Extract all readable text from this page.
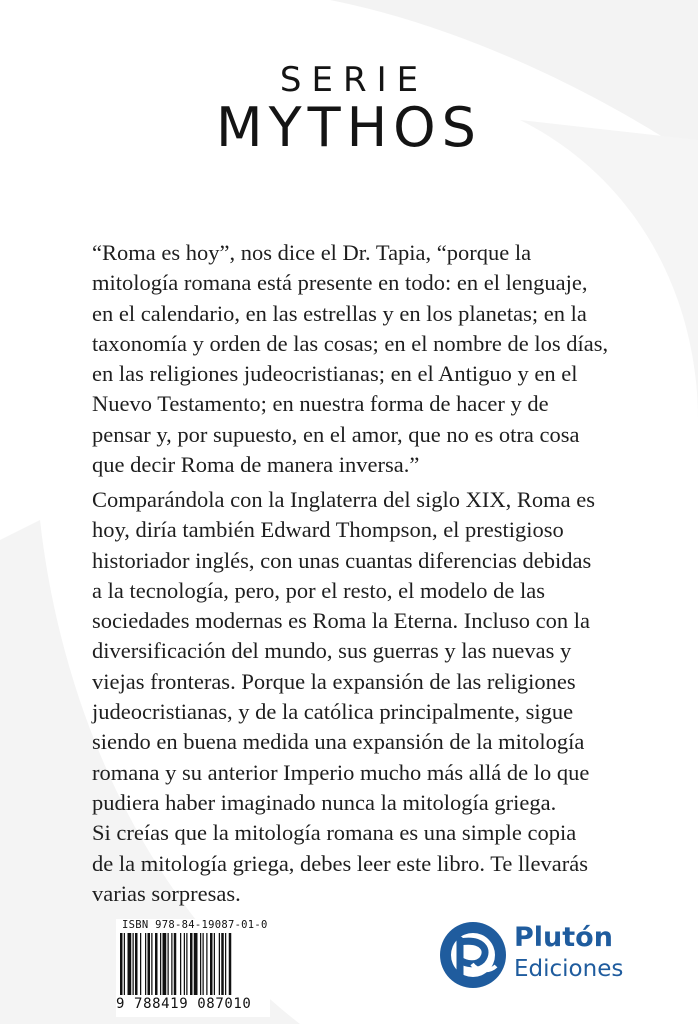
SERIE
MYTHOS
“Roma es hoy”, nos dice el Dr. Tapia, “porque la
mitología romana está presente en todo: en el lenguaje,
en el calendario, en las estrellas y en los planetas; en la
taxonomía y orden de las cosas; en el nombre de los días,
en las religiones judeocristianas; en el Antiguo y en el
Nuevo Testamento; en nuestra forma de hacer y de
pensar y, por supuesto, en el amor, que no es otra cosa
que decir Roma de manera inversa.”
Comparándola con la Inglaterra del siglo XIX, Roma es
hoy, diría también Edward Thompson, el prestigioso
historiador inglés, con unas cuantas diferencias debidas
a la tecnología, pero, por el resto, el modelo de las
sociedades modernas es Roma la Eterna. Incluso con la
diversificación del mundo, sus guerras y las nuevas y
viejas fronteras. Porque la expansión de las religiones
judeocristianas, y de la católica principalmente, sigue
siendo en buena medida una expansión de la mitología
romana y su anterior Imperio mucho más allá de lo que
pudiera haber imaginado nunca la mitología griega.
Si creías que la mitología romana es una simple copia
de la mitología griega, debes leer este libro. Te llevarás
varias sorpresas.
ISBN 978-84-19087-01-0
9 788419 087010
Plutón
Ediciones
